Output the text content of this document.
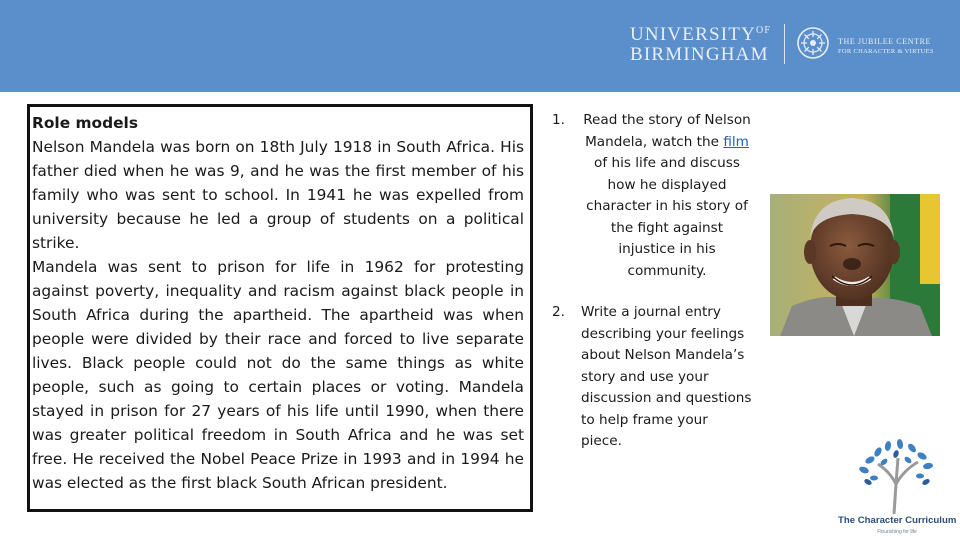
$UNIVERSITY^{OF}$
BIRMINGHAM
THE JUBILEE CENTRE
FOR CHARACTER & VIRTUES
Role models
Nelson Mandela was born on 18th July 1918 in South Africa. His father died when he was 9, and he was the first member of his family who was sent to school. In 1941 he was expelled from university because he led a group of students on a political strike.
Mandela was sent to prison for life in 1962 for protesting against poverty, inequality and racism against black people in South Africa during the apartheid. The apartheid was when people were divided by their race and forced to live separate lives. Black people could not do the same things as white people, such as going to certain places or voting. Mandela stayed in prison for 27 years of his life until 1990, when there was greater political freedom in South Africa and he was set free. He received the Nobel Peace Prize in 1993 and in 1994 he was elected as the first black South African president.
1. Read the story of Nelson Mandela, watch the film of his life and discuss how he displayed character in his story of the fight against injustice in his community.
2. Write a journal entry describing your feelings about Nelson Mandela’s story and use your discussion and questions to help frame your piece.
The Character Curriculum
Flourishing for life
